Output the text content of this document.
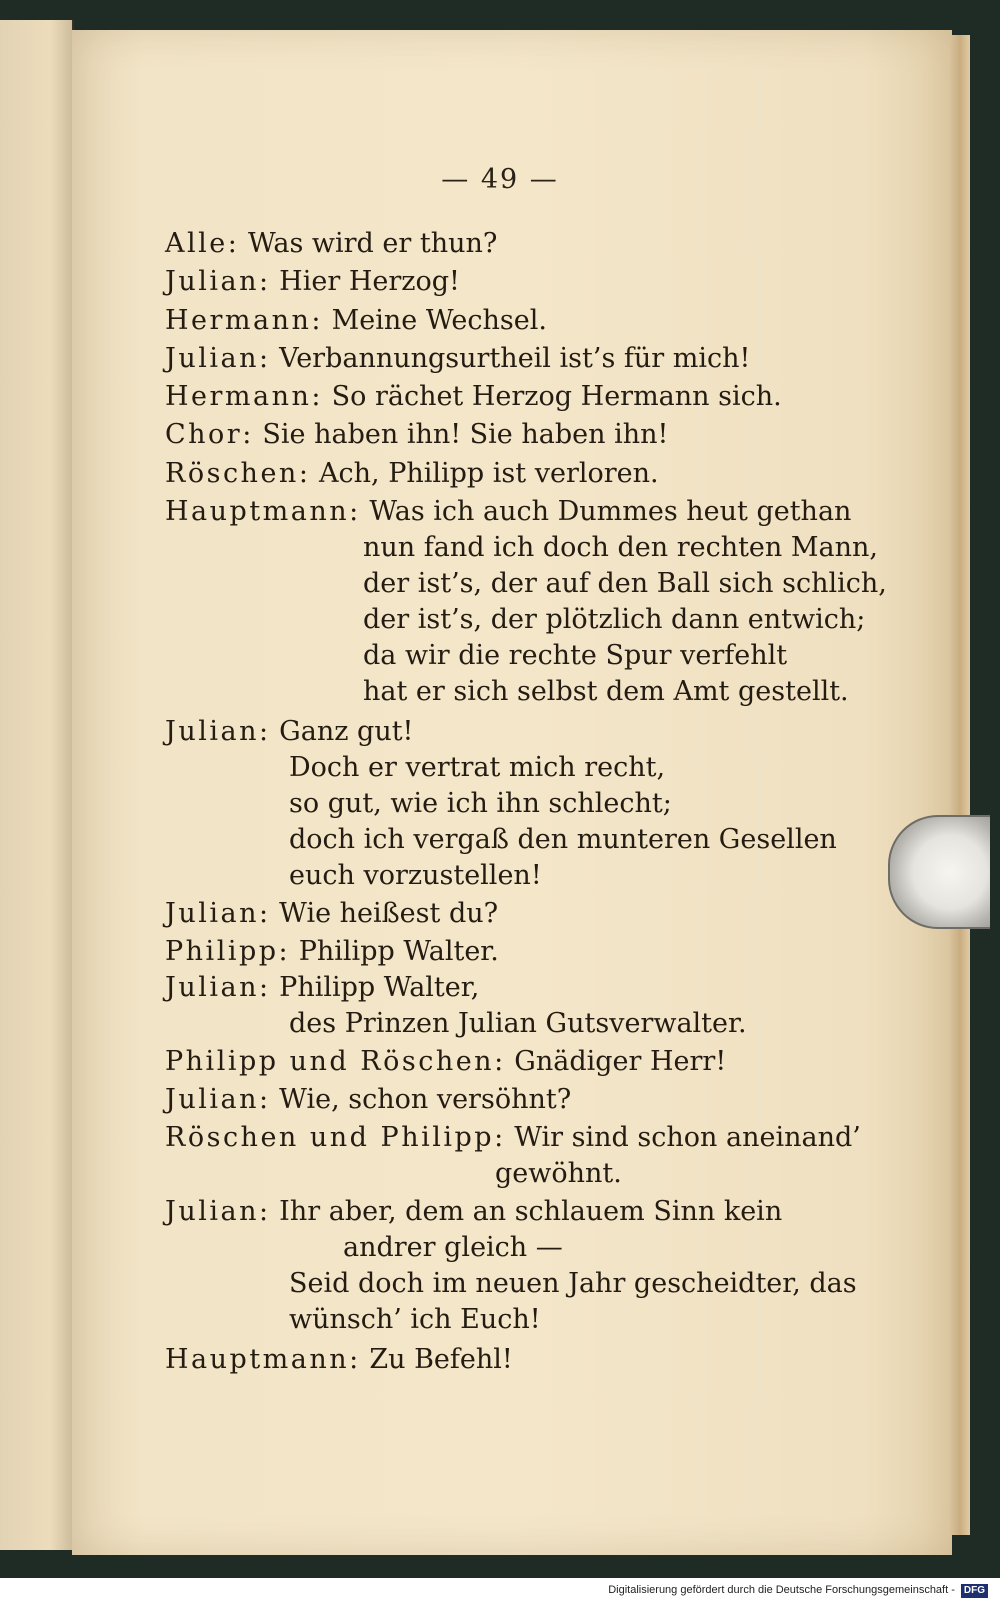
— 49 —
Alle: Was wird er thun?
Julian: Hier Herzog!
Hermann: Meine Wechsel.
Julian: Verbannungsurtheil ist’s für mich!
Hermann: So rächet Herzog Hermann sich.
Chor: Sie haben ihn! Sie haben ihn!
Röschen: Ach, Philipp ist verloren.
Hauptmann: Was ich auch Dummes heut gethan
nun fand ich doch den rechten Mann,
der ist’s, der auf den Ball sich schlich,
der ist’s, der plötzlich dann entwich;
da wir die rechte Spur verfehlt
hat er sich selbst dem Amt gestellt.
Julian: Ganz gut!
Doch er vertrat mich recht,
so gut, wie ich ihn schlecht;
doch ich vergaß den munteren Gesellen
euch vorzustellen!
Julian: Wie heißest du?
Philipp: Philipp Walter.
Julian: Philipp Walter,
des Prinzen Julian Gutsverwalter.
Philipp und Röschen: Gnädiger Herr!
Julian: Wie, schon versöhnt?
Röschen und Philipp: Wir sind schon aneinand’
gewöhnt.
Julian: Ihr aber, dem an schlauem Sinn kein
andrer gleich —
Seid doch im neuen Jahr gescheidter, das
wünsch’ ich Euch!
Hauptmann: Zu Befehl!
Digitalisierung gefördert durch die Deutsche Forschungsgemeinschaft - DFG
